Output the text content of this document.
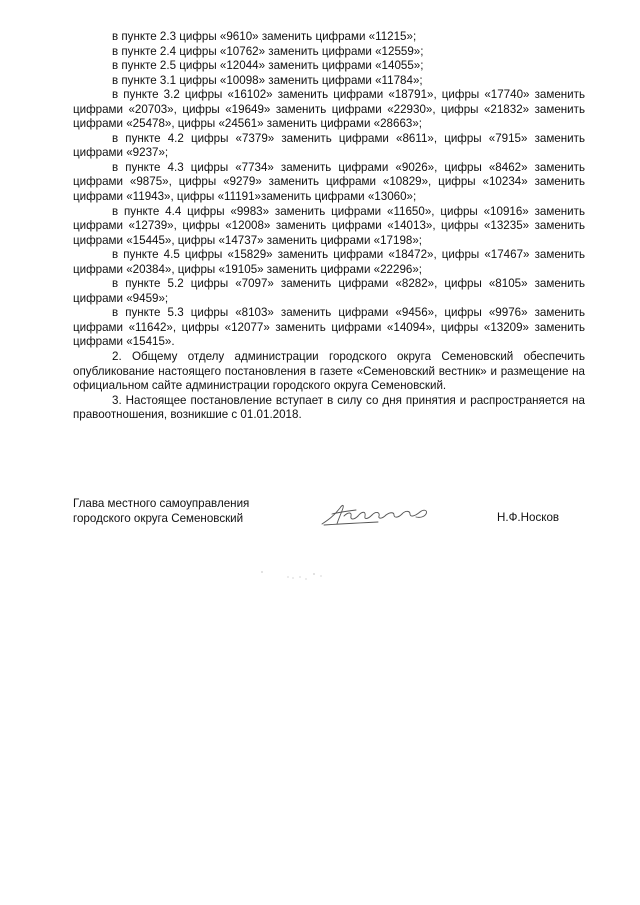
в пункте 2.3 цифры «9610» заменить цифрами «11215»;

в пункте 2.4 цифры «10762» заменить цифрами «12559»;

в пункте 2.5 цифры «12044» заменить цифрами «14055»;

в пункте 3.1 цифры «10098» заменить цифрами «11784»;

в пункте 3.2 цифры «16102» заменить цифрами «18791», цифры «17740» заменить цифрами «20703», цифры «19649» заменить цифрами «22930», цифры «21832» заменить цифрами «25478», цифры «24561» заменить цифрами «28663»;

в пункте 4.2 цифры «7379» заменить цифрами «8611», цифры «7915» заменить цифрами «9237»;

в пункте 4.3 цифры «7734» заменить цифрами «9026», цифры «8462» заменить цифрами «9875», цифры «9279» заменить цифрами «10829», цифры «10234» заменить цифрами «11943», цифры «11191»заменить цифрами «13060»;

в пункте 4.4 цифры «9983» заменить цифрами «11650», цифры «10916» заменить цифрами «12739», цифры «12008» заменить цифрами «14013», цифры «13235» заменить цифрами «15445», цифры «14737» заменить цифрами «17198»;

в пункте 4.5 цифры «15829» заменить цифрами «18472», цифры «17467» заменить цифрами «20384», цифры «19105» заменить цифрами «22296»;

в пункте 5.2 цифры «7097» заменить цифрами «8282», цифры «8105» заменить цифрами «9459»;

в пункте 5.3 цифры «8103» заменить цифрами «9456», цифры «9976» заменить цифрами «11642», цифры «12077» заменить цифрами «14094», цифры «13209» заменить цифрами «15415».

2. Общему отделу администрации городского округа Семеновский обеспечить опубликование настоящего постановления в газете «Семеновский вестник» и размещение на официальном сайте администрации городского округа Семеновский.

3. Настоящее постановление вступает в силу со дня принятия и распространяется на правоотношения, возникшие с 01.01.2018.

Глава местного самоуправления
городского округа Семеновский	Н.Ф.Носков
